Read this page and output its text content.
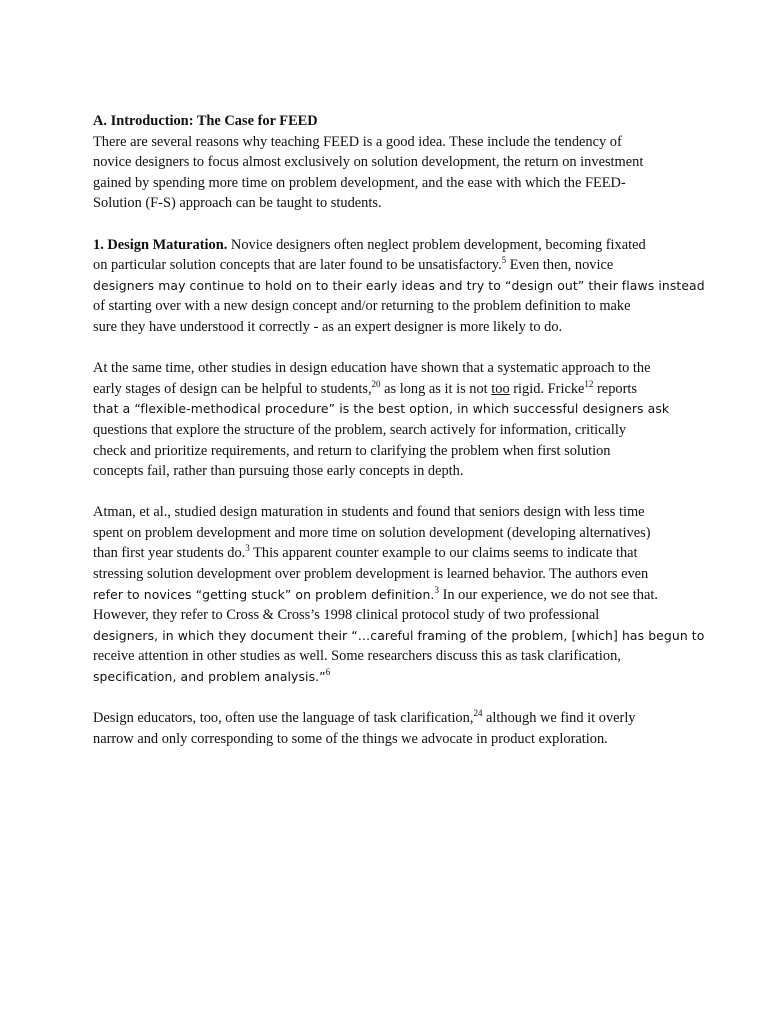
A. Introduction: The Case for FEED
There are several reasons why teaching FEED is a good idea. These include the tendency of
novice designers to focus almost exclusively on solution development, the return on investment
gained by spending more time on problem development, and the ease with which the FEED-
Solution (F-S) approach can be taught to students.

1. Design Maturation. Novice designers often neglect problem development, becoming fixated
on particular solution concepts that are later found to be unsatisfactory.$^5$ Even then, novice
designers may continue to hold on to their early ideas and try to “design out” their flaws instead
of starting over with a new design concept and/or returning to the problem definition to make
sure they have understood it correctly - as an expert designer is more likely to do.

At the same time, other studies in design education have shown that a systematic approach to the
early stages of design can be helpful to students,$^{20}$ as long as it is not too rigid. Fricke$^{12}$ reports
that a “flexible-methodical procedure” is the best option, in which successful designers ask
questions that explore the structure of the problem, search actively for information, critically
check and prioritize requirements, and return to clarifying the problem when first solution
concepts fail, rather than pursuing those early concepts in depth.

Atman, et al., studied design maturation in students and found that seniors design with less time
spent on problem development and more time on solution development (developing alternatives)
than first year students do.$^3$ This apparent counter example to our claims seems to indicate that
stressing solution development over problem development is learned behavior. The authors even
refer to novices “getting stuck” on problem definition.$^3$ In our experience, we do not see that.
However, they refer to Cross & Cross’s 1998 clinical protocol study of two professional
designers, in which they document their “…careful framing of the problem, [which] has begun to
receive attention in other studies as well. Some researchers discuss this as task clarification,
specification, and problem analysis.”$^6$

Design educators, too, often use the language of task clarification,$^{24}$ although we find it overly
narrow and only corresponding to some of the things we advocate in product exploration.
